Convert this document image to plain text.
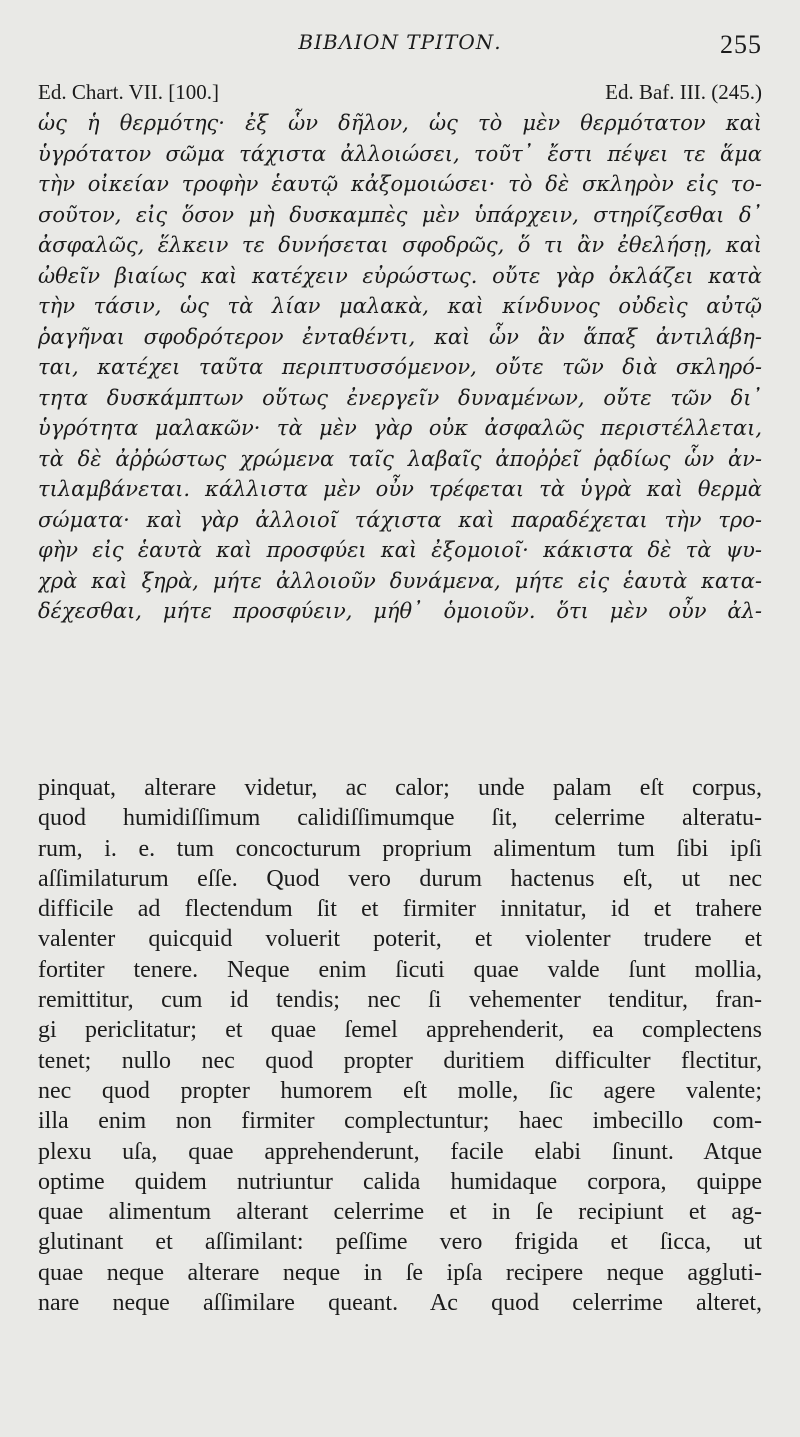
ΒΙΒΛΙΟΝ ΤΡΙΤΟΝ.	255
Ed. Chart. VII. [100.]	Ed. Baf. III. (245.)
ὡς ἡ θερμότης· ἐξ ὧν δῆλον, ὡς τὸ μὲν θερμότατον καὶ
ὑγρότατον σῶμα τάχιστα ἀλλοιώσει, τοῦτ᾽ ἔστι πέψει τε ἅμα
τὴν οἰκείαν τροφὴν ἑαυτῷ κἀξομοιώσει· τὸ δὲ σκληρὸν εἰς το-
σοῦτον, εἰς ὅσον μὴ δυσκαμπὲς μὲν ὑπάρχειν, στηρίζεσθαι δ᾽
ἀσφαλῶς, ἕλκειν τε δυνήσεται σφοδρῶς, ὅ τι ἂν ἐθελήσῃ, καὶ
ὠθεῖν βιαίως καὶ κατέχειν εὐρώστως. οὔτε γὰρ ὀκλάζει κατὰ
τὴν τάσιν, ὡς τὰ λίαν μαλακὰ, καὶ κίνδυνος οὐδεὶς αὐτῷ
ῥαγῆναι σφοδρότερον ἐνταθέντι, καὶ ὧν ἂν ἅπαξ ἀντιλάβη-
ται, κατέχει ταῦτα περιπτυσσόμενον, οὔτε τῶν διὰ σκληρό-
τητα δυσκάμπτων οὕτως ἐνεργεῖν δυναμένων, οὔτε τῶν δι᾽
ὑγρότητα μαλακῶν· τὰ μὲν γὰρ οὐκ ἀσφαλῶς περιστέλλεται,
τὰ δὲ ἀῤῥώστως χρώμενα ταῖς λαβαῖς ἀποῤῥεῖ ῥᾳδίως ὧν ἀν-
τιλαμβάνεται. κάλλιστα μὲν οὖν τρέφεται τὰ ὑγρὰ καὶ θερμὰ
σώματα· καὶ γὰρ ἀλλοιοῖ τάχιστα καὶ παραδέχεται τὴν τρο-
φὴν εἰς ἑαυτὰ καὶ προσφύει καὶ ἐξομοιοῖ· κάκιστα δὲ τὰ ψυ-
χρὰ καὶ ξηρὰ, μήτε ἀλλοιοῦν δυνάμενα, μήτε εἰς ἑαυτὰ κατα-
δέχεσθαι, μήτε προσφύειν, μήθ᾽ ὁμοιοῦν. ὅτι μὲν οὖν ἀλ-
pinquat, alterare videtur, ac calor; unde palam eſt corpus,
quod humidiſſimum calidiſſimumque ſit, celerrime alteratu-
rum, i. e. tum concocturum proprium alimentum tum ſibi ipſi
aſſimilaturum eſſe. Quod vero durum hactenus eſt, ut nec
difficile ad flectendum ſit et firmiter innitatur, id et trahere
valenter quicquid voluerit poterit, et violenter trudere et
fortiter tenere. Neque enim ſicuti quae valde ſunt mollia,
remittitur, cum id tendis; nec ſi vehementer tenditur, fran-
gi periclitatur; et quae ſemel apprehenderit, ea complectens
tenet; nullo nec quod propter duritiem difficulter flectitur,
nec quod propter humorem eſt molle, ſic agere valente;
illa enim non firmiter complectuntur; haec imbecillo com-
plexu uſa, quae apprehenderunt, facile elabi ſinunt. Atque
optime quidem nutriuntur calida humidaque corpora, quippe
quae alimentum alterant celerrime et in ſe recipiunt et ag-
glutinant et aſſimilant: peſſime vero frigida et ſicca, ut
quae neque alterare neque in ſe ipſa recipere neque aggluti-
nare neque aſſimilare queant. Ac quod celerrime alteret,
